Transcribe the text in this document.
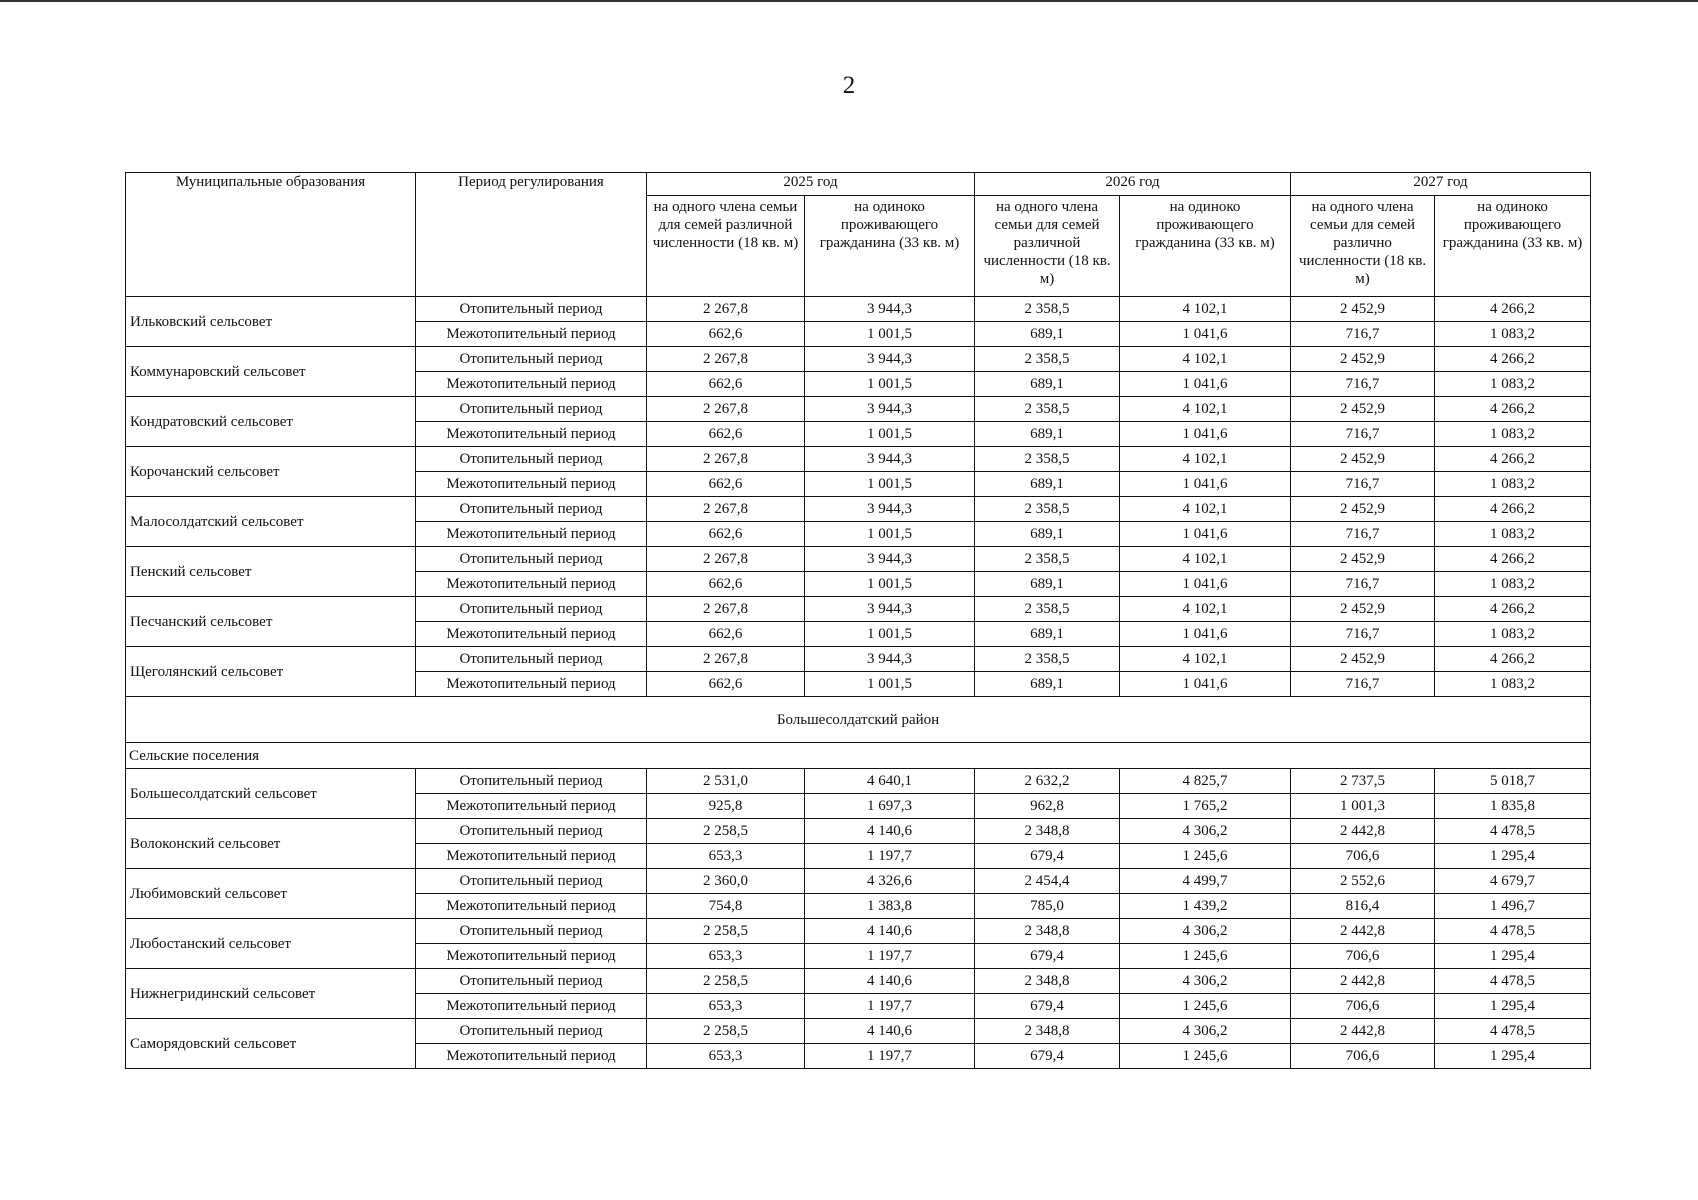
2
Муниципальные образования	Период регулирования	2025 год		2026 год		2027 год	
		на одного члена семьи для семей различной численности (18 кв. м)	на одиноко проживающего гражданина (33 кв. м)	на одного члена семьи для семей различной численности (18 кв. м)	на одиноко проживающего гражданина (33 кв. м)	на одного члена семьи для семей различно численности (18 кв. м)	на одиноко проживающего гражданина (33 кв. м)
Ильковский сельсовет	Отопительный период	2 267,8	3 944,3	2 358,5	4 102,1	2 452,9	4 266,2
	Межотопительный период	662,6	1 001,5	689,1	1 041,6	716,7	1 083,2
Коммунаровский сельсовет	Отопительный период	2 267,8	3 944,3	2 358,5	4 102,1	2 452,9	4 266,2
	Межотопительный период	662,6	1 001,5	689,1	1 041,6	716,7	1 083,2
Кондратовский сельсовет	Отопительный период	2 267,8	3 944,3	2 358,5	4 102,1	2 452,9	4 266,2
	Межотопительный период	662,6	1 001,5	689,1	1 041,6	716,7	1 083,2
Корочанский сельсовет	Отопительный период	2 267,8	3 944,3	2 358,5	4 102,1	2 452,9	4 266,2
	Межотопительный период	662,6	1 001,5	689,1	1 041,6	716,7	1 083,2
Малосолдатский сельсовет	Отопительный период	2 267,8	3 944,3	2 358,5	4 102,1	2 452,9	4 266,2
	Межотопительный период	662,6	1 001,5	689,1	1 041,6	716,7	1 083,2
Пенский сельсовет	Отопительный период	2 267,8	3 944,3	2 358,5	4 102,1	2 452,9	4 266,2
	Межотопительный период	662,6	1 001,5	689,1	1 041,6	716,7	1 083,2
Песчанский сельсовет	Отопительный период	2 267,8	3 944,3	2 358,5	4 102,1	2 452,9	4 266,2
	Межотопительный период	662,6	1 001,5	689,1	1 041,6	716,7	1 083,2
Щеголянский сельсовет	Отопительный период	2 267,8	3 944,3	2 358,5	4 102,1	2 452,9	4 266,2
	Межотопительный период	662,6	1 001,5	689,1	1 041,6	716,7	1 083,2
Большесолдатский район							
Сельские поселения							
Большесолдатский сельсовет	Отопительный период	2 531,0	4 640,1	2 632,2	4 825,7	2 737,5	5 018,7
	Межотопительный период	925,8	1 697,3	962,8	1 765,2	1 001,3	1 835,8
Волоконский сельсовет	Отопительный период	2 258,5	4 140,6	2 348,8	4 306,2	2 442,8	4 478,5
	Межотопительный период	653,3	1 197,7	679,4	1 245,6	706,6	1 295,4
Любимовский сельсовет	Отопительный период	2 360,0	4 326,6	2 454,4	4 499,7	2 552,6	4 679,7
	Межотопительный период	754,8	1 383,8	785,0	1 439,2	816,4	1 496,7
Любостанский сельсовет	Отопительный период	2 258,5	4 140,6	2 348,8	4 306,2	2 442,8	4 478,5
	Межотопительный период	653,3	1 197,7	679,4	1 245,6	706,6	1 295,4
Нижнегридинский сельсовет	Отопительный период	2 258,5	4 140,6	2 348,8	4 306,2	2 442,8	4 478,5
	Межотопительный период	653,3	1 197,7	679,4	1 245,6	706,6	1 295,4
Саморядовский сельсовет	Отопительный период	2 258,5	4 140,6	2 348,8	4 306,2	2 442,8	4 478,5
	Межотопительный период	653,3	1 197,7	679,4	1 245,6	706,6	1 295,4
